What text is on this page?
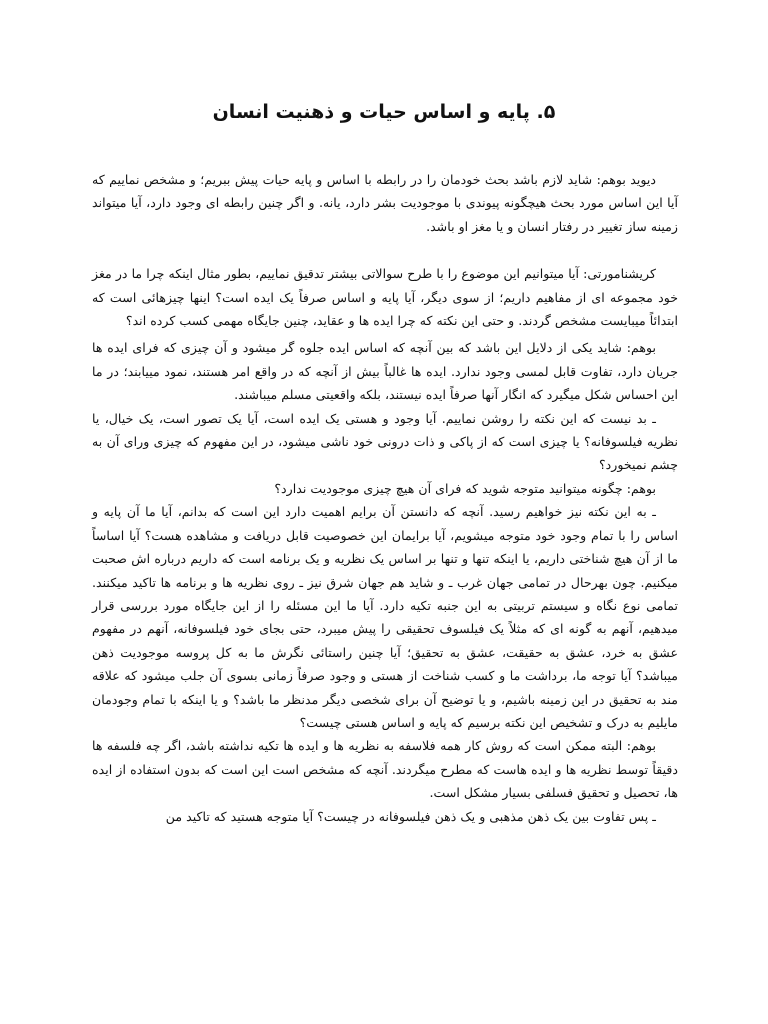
۵. پایه و اساس حیات و ذهنیت انسان

دیوید بوهم: شاید لازم باشد بحث خودمان را در رابطه با اساس و پایه حیات پیش ببریم؛ و مشخص نماییم که آیا این اساس مورد بحث هیچگونه پیوندی با موجودیت بشر دارد، یانه. و اگر چنین رابطه ای وجود دارد، آیا میتواند زمینه ساز تغییر در رفتار انسان و یا مغز او باشد.

کریشنامورتی: آیا میتوانیم این موضوع را با طرح سوالاتی بیشتر تدقیق نماییم، بطور مثال اینکه چرا ما در مغز خود مجموعه ای از مفاهیم داریم؛ از سوی دیگر، آیا پایه و اساس صرفاً یک ایده است؟ اینها چیزهائی است که ابتدائاً میبایست مشخص گردند. و حتی این نکته که چرا ایده ها و عقاید، چنین جایگاه مهمی کسب کرده اند؟

بوهم: شاید یکی از دلایل این باشد که بین آنچه که اساس ایده جلوه گر میشود و آن چیزی که فرای ایده ها جریان دارد، تفاوت قابل لمسی وجود ندارد. ایده ها غالباً بیش از آنچه که در واقع امر هستند، نمود مییابند؛ در ما این احساس شکل میگیرد که انگار آنها صرفاً ایده نیستند، بلکه واقعیتی مسلم میباشند.

ـ بد نیست که این نکته را روشن نماییم. آیا وجود و هستی یک ایده است، آیا یک تصور است، یک خیال، یا نظریه فیلسوفانه؟ یا چیزی است که از پاکی و ذات درونی خود ناشی میشود، در این مفهوم که چیزی ورای آن به چشم نمیخورد؟

بوهم: چگونه میتوانید متوجه شوید که فرای آن هیچ چیزی موجودیت ندارد؟

ـ به این نکته نیز خواهیم رسید. آنچه که دانستن آن برایم اهمیت دارد این است که بدانم، آیا ما آن پایه و اساس را با تمام وجود خود متوجه میشویم، آیا برایمان این خصوصیت قابل دریافت و مشاهده هست؟ آیا اساساً ما از آن هیچ شناختی داریم، یا اینکه تنها و تنها بر اساس یک نظریه و یک برنامه است که داریم درباره اش صحبت میکنیم. چون بهرحال در تمامی جهان غرب ـ و شاید هم جهان شرق نیز ـ روی نظریه ها و برنامه ها تاکید میکنند. تمامی نوع نگاه و سیستم تربیتی به این جنبه تکیه دارد. آیا ما این مسئله را از این جایگاه مورد بررسی قرار میدهیم، آنهم به گونه ای که مثلاً یک فیلسوف تحقیقی را پیش میبرد، حتی بجای خود فیلسوفانه، آنهم در مفهوم عشق به خرد، عشق به حقیقت، عشق به تحقیق؛ آیا چنین راستائی نگرش ما به کل پروسه موجودیت ذهن میباشد؟ آیا توجه ما، برداشت ما و کسب شناخت از هستی و وجود صرفاً زمانی بسوی آن جلب میشود که علاقه مند به تحقیق در این زمینه باشیم، و یا توضیح آن برای شخصی دیگر مدنظر ما باشد؟ و یا اینکه با تمام وجودمان مایلیم به درک و تشخیص این نکته برسیم که پایه و اساس هستی چیست؟

بوهم: البته ممکن است که روش کار همه فلاسفه به نظریه ها و ایده ها تکیه نداشته باشد، اگر چه فلسفه ها دقیقاً توسط نظریه ها و ایده هاست که مطرح میگردند. آنچه که مشخص است این است که بدون استفاده از ایده ها، تحصیل و تحقیق فسلفی بسیار مشکل است.

ـ پس تفاوت بین یک ذهن مذهبی و یک ذهن فیلسوفانه در چیست؟ آیا متوجه هستید که تاکید من
